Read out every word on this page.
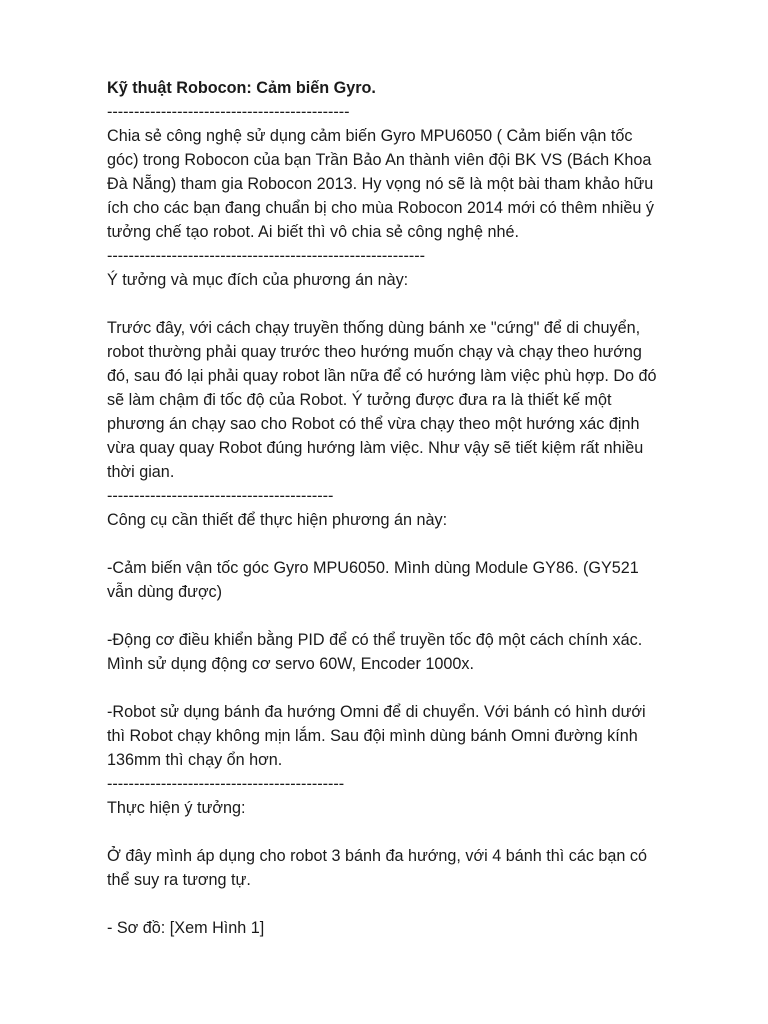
Kỹ thuật Robocon: Cảm biến Gyro.

---------------------------------------------

Chia sẻ công nghệ sử dụng cảm biến Gyro MPU6050 ( Cảm biến vận tốc

góc) trong Robocon của bạn Trần Bảo An thành viên đội BK VS (Bách Khoa

Đà Nẵng) tham gia Robocon 2013. Hy vọng nó sẽ là một bài tham khảo hữu

ích cho các bạn đang chuẩn bị cho mùa Robocon 2014 mới có thêm nhiều ý

tưởng chế tạo robot. Ai biết thì vô chia sẻ công nghệ nhé.

-----------------------------------------------------------

Ý tưởng và mục đích của phương án này:

Trước đây, với cách chạy truyền thống dùng bánh xe "cứng" để di chuyển,

robot thường phải quay trước theo hướng muốn chạy và chạy theo hướng

đó, sau đó lại phải quay robot lần nữa để có hướng làm việc phù hợp. Do đó

sẽ làm chậm đi tốc độ của Robot. Ý tưởng được đưa ra là thiết kế một

phương án chạy sao cho Robot có thể vừa chạy theo một hướng xác định

vừa quay quay Robot đúng hướng làm việc. Như vậy sẽ tiết kiệm rất nhiều

thời gian.

------------------------------------------

Công cụ cần thiết để thực hiện phương án này:

-Cảm biến vận tốc góc Gyro MPU6050. Mình dùng Module GY86. (GY521

vẫn dùng được)

-Động cơ điều khiển bằng PID để có thể truyền tốc độ một cách chính xác.

Mình sử dụng động cơ servo 60W, Encoder 1000x.

-Robot sử dụng bánh đa hướng Omni để di chuyển. Với bánh có hình dưới

thì Robot chạy không mịn lắm. Sau đội mình dùng bánh Omni đường kính

136mm thì chạy ổn hơn.

--------------------------------------------

Thực hiện ý tưởng:

Ở đây mình áp dụng cho robot 3 bánh đa hướng, với 4 bánh thì các bạn có

thể suy ra tương tự.

- Sơ đồ: [Xem Hình 1]
